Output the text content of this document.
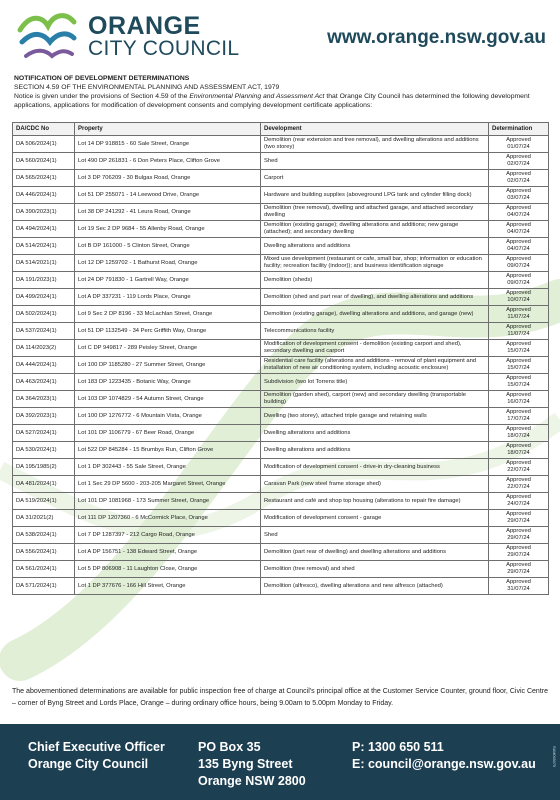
ORANGE
CITY COUNCIL	www.orange.nsw.gov.au
NOTIFICATION OF DEVELOPMENT DETERMINATIONS
SECTION 4.59 OF THE ENVIRONMENTAL PLANNING AND ASSESSMENT ACT, 1979
Notice is given under the provisions of Section 4.59 of the Environmental Planning and Assessment Act that Orange City Council has determined the following development applications, applications for modification of development consents and complying development certificate applications:
DA/CDC No	Property	Development	Determination
DA 506/2024(1)	Lot 14 DP 918815 - 60 Sale Street, Orange	Demolition (rear extension and tree removal), and dwelling alterations and additions (two storey)	Approved
01/07/24

DA 560/2024(1)	Lot 490 DP 261831 - 6 Don Peters Place, Clifton Grove	Shed	Approved
02/07/24

DA 565/2024(1)	Lot 3 DP 706209 - 30 Bulgas Road, Orange	Carport	Approved
02/07/24

DA 446/2024(1)	Lot 51 DP 255071 - 14 Leewood Drive, Orange	Hardware and building supplies (aboveground LPG tank and cylinder filling dock)	Approved
03/07/24

DA 390/2023(1)	Lot 38 DP 241292 - 41 Leura Road, Orange	Demolition (tree removal), dwelling and attached garage, and attached secondary dwelling	Approved
04/07/24

DA 494/2024(1)	Lot 19 Sec 2 DP 9684 - 55 Allenby Road, Orange	Demolition (existing garage); dwelling alterations and additions; new garage (attached); and secondary dwelling	Approved
04/07/24

DA 514/2024(1)	Lot B DP 161000 - 5 Clinton Street, Orange	Dwelling alterations and additions	Approved
04/07/24

DA 514/2021(1)	Lot 12 DP 1259702 - 1 Bathurst Road, Orange	Mixed use development (restaurant or cafe, small bar, shop; information or education facility; recreation facility (indoor)); and business identification signage	Approved
09/07/24

DA 191/2023(1)	Lot 24 DP 791830 - 1 Gartrell Way, Orange	Demolition (sheds)	Approved
09/07/24

DA 499/2024(1)	Lot A DP 337231 - 119 Lords Place, Orange	Demolition (shed and part rear of dwelling), and dwelling alterations and additions	Approved
10/07/24

DA 502/2024(1)	Lot 9 Sec 2 DP 8196 - 33 McLachlan Street, Orange	Demolition (existing garage), dwelling alterations and additions, and garage (new)	Approved
11/07/24

DA 537/2024(1)	Lot 51 DP 1132549 - 34 Perc Griffith Way, Orange	Telecommunications facility	Approved
11/07/24

DA 114/2023(2)	Lot C DP 949817 - 289 Peisley Street, Orange	Modification of development consent - demolition (existing carport and shed), secondary dwelling and carport	Approved
15/07/24

DA 444/2024(1)	Lot 100 DP 1185280 - 27 Summer Street, Orange	Residential care facility (alterations and additions - removal of plant equipment and installation of new air conditioning system, including acoustic enclosure)	Approved
15/07/24

DA 463/2024(1)	Lot 183 DP 1223435 - Botanic Way, Orange	Subdivision (two lot Torrens title)	Approved
15/07/24

DA 364/2023(1)	Lot 103 DP 1074829 - 54 Autumn Street, Orange	Demolition (garden shed), carport (new) and secondary dwelling (transportable building)	Approved
16/07/24

DA 392/2023(1)	Lot 100 DP 1276772 - 6 Mountain Vista, Orange	Dwelling (two storey), attached triple garage and retaining walls	Approved
17/07/24

DA 527/2024(1)	Lot 101 DP 1106779 - 67 Beer Road, Orange	Dwelling alterations and additions	Approved
18/07/24

DA 530/2024(1)	Lot 522 DP 845284 - 15 Brumbys Run, Clifton Grove	Dwelling alterations and additions	Approved
18/07/24

DA 195/1985(2)	Lot 1 DP 302443 - 55 Sale Street, Orange	Modification of development consent - drive-in dry-cleaning business	Approved
22/07/24

DA 481/2024(1)	Lot 1 Sec 29 DP 5600 - 203-205 Margaret Street, Orange	Caravan Park (new steel frame storage shed)	Approved
22/07/24

DA 519/2024(1)	Lot 101 DP 1081968 - 173 Summer Street, Orange	Restaurant and café and shop top housing (alterations to repair fire damage)	Approved
24/07/24

DA 31/2021(2)	Lot 111 DP 1207360 - 6 McCormick Place, Orange	Modification of development consent - garage	Approved
29/07/24

DA 538/2024(1)	Lot 7 DP 1287397 - 212 Cargo Road, Orange	Shed	Approved
29/07/24

DA 556/2024(1)	Lot A DP 156751 - 138 Edward Street, Orange	Demolition (part rear of dwelling) and dwelling alterations and additions	Approved
29/07/24

DA 561/2024(1)	Lot 5 DP 806908 - 11 Laughton Close, Orange	Demolition (tree removal) and shed	Approved
29/07/24

DA 571/2024(1)	Lot 1 DP 377676 - 166 Hill Street, Orange	Demolition (alfresco), dwelling alterations and new alfresco (attached)	Approved
31/07/24
The abovementioned determinations are available for public inspection free of charge at Council's principal office at the Customer Service Counter, ground floor, Civic Centre – corner of Byng Street and Lords Place, Orange – during ordinary office hours, being 9.00am to 5.00pm Monday to Friday.
Chief Executive Officer
Orange City Council
PO Box 35
135 Byng Street
Orange NSW 2800
P: 1300 650 511
E: council@orange.nsw.gov.au	RAM065075
